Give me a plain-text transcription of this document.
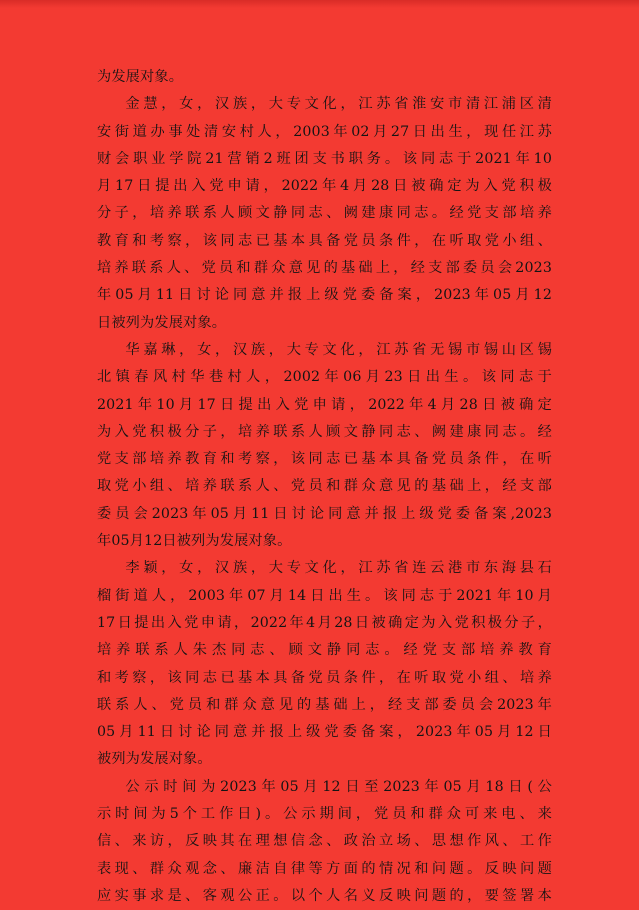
为发展对象。

金慧，女，汉族，大专文化，江苏省淮安市清江浦区清
安街道办事处清安村人，2003年02月27日出生，现任江苏
财会职业学院21营销2班团支书职务。该同志于2021年10
月17日提出入党申请，2022年4月28日被确定为入党积极
分子，培养联系人顾文静同志、阙建康同志。经党支部培养
教育和考察，该同志已基本具备党员条件，在听取党小组、
培养联系人、党员和群众意见的基础上，经支部委员会2023
年05月11日讨论同意并报上级党委备案，2023年05月12
日被列为发展对象。

华嘉琳，女，汉族，大专文化，江苏省无锡市锡山区锡
北镇春风村华巷村人，2002年06月23日出生。该同志于
2021年10月17日提出入党申请，2022年4月28日被确定
为入党积极分子，培养联系人顾文静同志、阙建康同志。经
党支部培养教育和考察，该同志已基本具备党员条件，在听
取党小组、培养联系人、党员和群众意见的基础上，经支部
委员会2023年05月11日讨论同意并报上级党委备案,2023
年05月12日被列为发展对象。

李颖，女，汉族，大专文化，江苏省连云港市东海县石
榴街道人，2003年07月14日出生。该同志于2021年10月
17日提出入党申请，2022年4月28日被确定为入党积极分子，
培养联系人朱杰同志、顾文静同志。经党支部培养教育
和考察，该同志已基本具备党员条件，在听取党小组、培养
联系人、党员和群众意见的基础上，经支部委员会2023年
05月11日讨论同意并报上级党委备案，2023年05月12日
被列为发展对象。

公示时间为2023年05月12日至2023年05月18日(公
示时间为5个工作日)。公示期间，党员和群众可来电、来
信、来访，反映其在理想信念、政治立场、思想作风、工作
表现、群众观念、廉洁自律等方面的情况和问题。反映问题
应实事求是、客观公正。以个人名义反映问题的，要签署本
